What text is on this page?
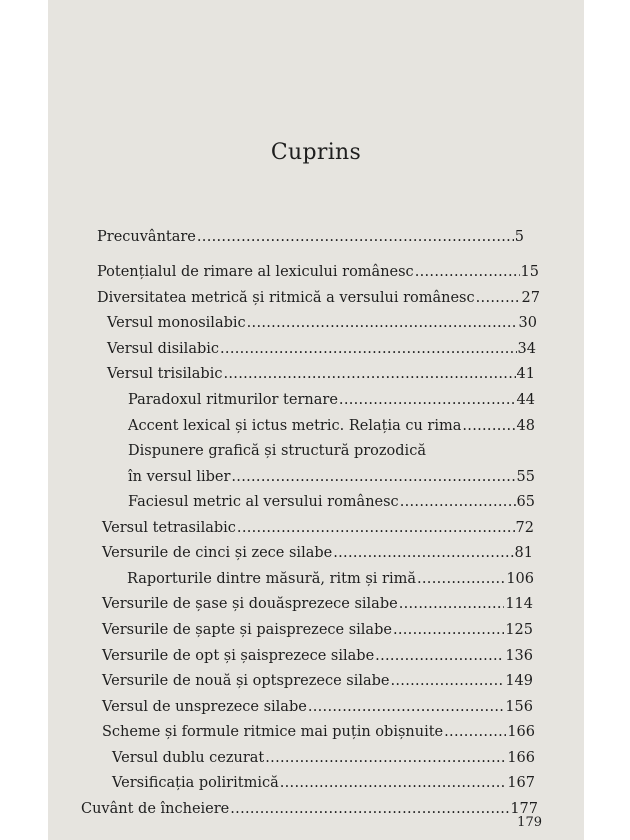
Cuprins
Precuvântare .....	5
Potențialul de rimare al lexicului românesc .....	15
Diversitatea metrică și ritmică a versului românesc .....	27
Versul monosilabic .....	30
Versul disilabic .....	34
Versul trisilabic .....	41
Paradoxul ritmurilor ternare .....	44
Accent lexical și ictus metric. Relația cu rima .....	48
Dispunere grafică și structură prozodică
în versul liber .....	55
Faciesul metric al versului românesc .....	65
Versul tetrasilabic .....	72
Versurile de cinci și zece silabe .....	81
Raporturile dintre măsură, ritm și rimă .....	106
Versurile de șase și douăsprezece silabe .....	114
Versurile de șapte și paisprezece silabe .....	125
Versurile de opt și șaisprezece silabe .....	136
Versurile de nouă și optsprezece silabe .....	149
Versul de unsprezece silabe .....	156
Scheme și formule ritmice mai puțin obișnuite .....	166
Versul dublu cezurat .....	166
Versificația poliritmică .....	167
Cuvânt de încheiere .....	177
179
